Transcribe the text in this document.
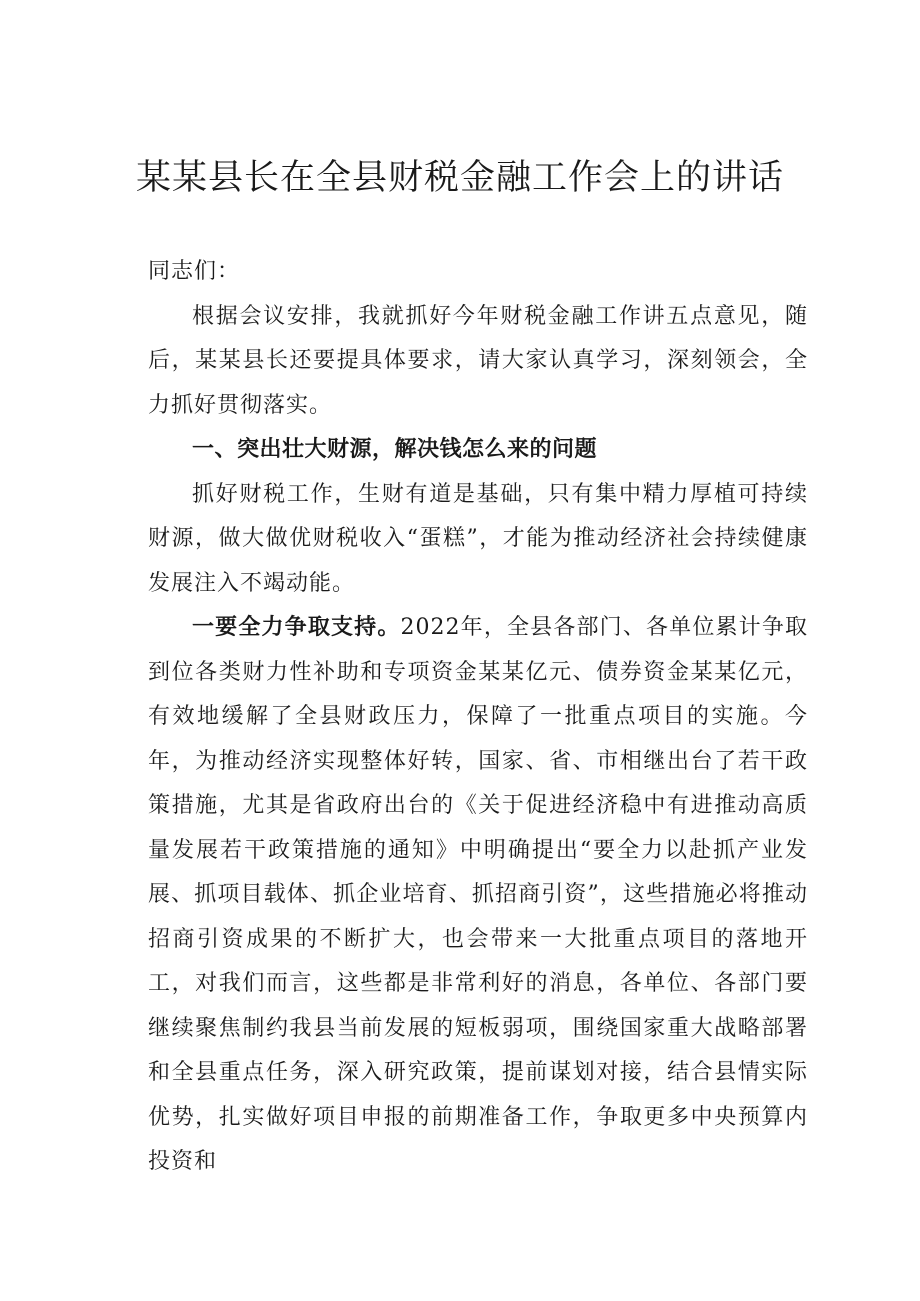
某某县长在全县财税金融工作会上的讲话

同志们：

根据会议安排，我就抓好今年财税金融工作讲五点意见，随后，某某县长还要提具体要求，请大家认真学习，深刻领会，全力抓好贯彻落实。

一、突出壮大财源，解决钱怎么来的问题

抓好财税工作，生财有道是基础，只有集中精力厚植可持续财源，做大做优财税收入“蛋糕”，才能为推动经济社会持续健康发展注入不竭动能。

一要全力争取支持。2022年，全县各部门、各单位累计争取到位各类财力性补助和专项资金某某亿元、债券资金某某亿元，有效地缓解了全县财政压力，保障了一批重点项目的实施。今年，为推动经济实现整体好转，国家、省、市相继出台了若干政策措施，尤其是省政府出台的《关于促进经济稳中有进推动高质量发展若干政策措施的通知》中明确提出“要全力以赴抓产业发展、抓项目载体、抓企业培育、抓招商引资”，这些措施必将推动招商引资成果的不断扩大，也会带来一大批重点项目的落地开工，对我们而言，这些都是非常利好的消息，各单位、各部门要继续聚焦制约我县当前发展的短板弱项，围绕国家重大战略部署和全县重点任务，深入研究政策，提前谋划对接，结合县情实际优势，扎实做好项目申报的前期准备工作，争取更多中央预算内投资和
